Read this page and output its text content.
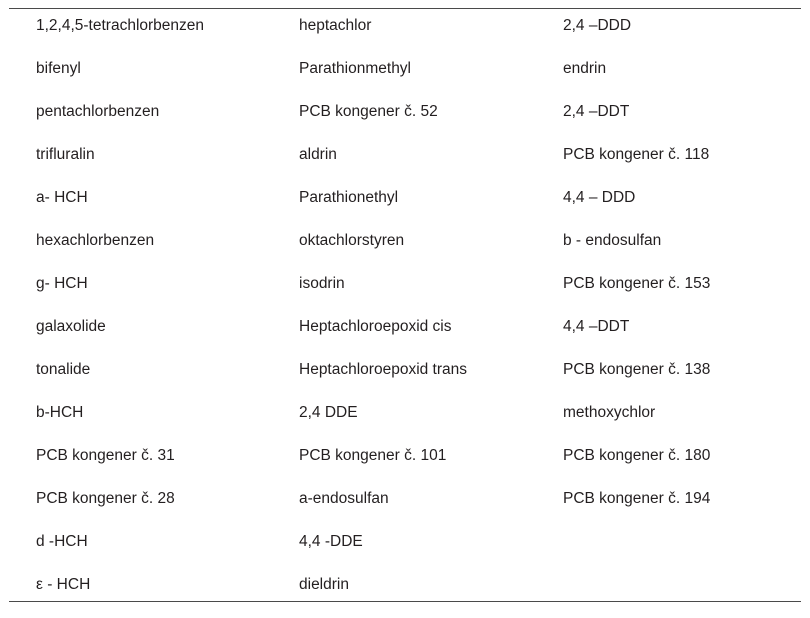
1,2,4,5-tetrachlorbenzen	heptachlor	2,4 –DDD
bifenyl	Parathionmethyl	endrin
pentachlorbenzen	PCB kongener č. 52	2,4 –DDT
trifluralin	aldrin	PCB kongener č. 118
a- HCH	Parathionethyl	4,4 – DDD
hexachlorbenzen	oktachlorstyren	b - endosulfan
g- HCH	isodrin	PCB kongener č. 153
galaxolide	Heptachloroepoxid cis	4,4 –DDT
tonalide	Heptachloroepoxid trans	PCB kongener č. 138
b-HCH	2,4 DDE	methoxychlor
PCB kongener č. 31	PCB kongener č. 101	PCB kongener č. 180
PCB kongener č. 28	a-endosulfan	PCB kongener č. 194
d -HCH	4,4 -DDE	
ε - HCH	dieldrin	
